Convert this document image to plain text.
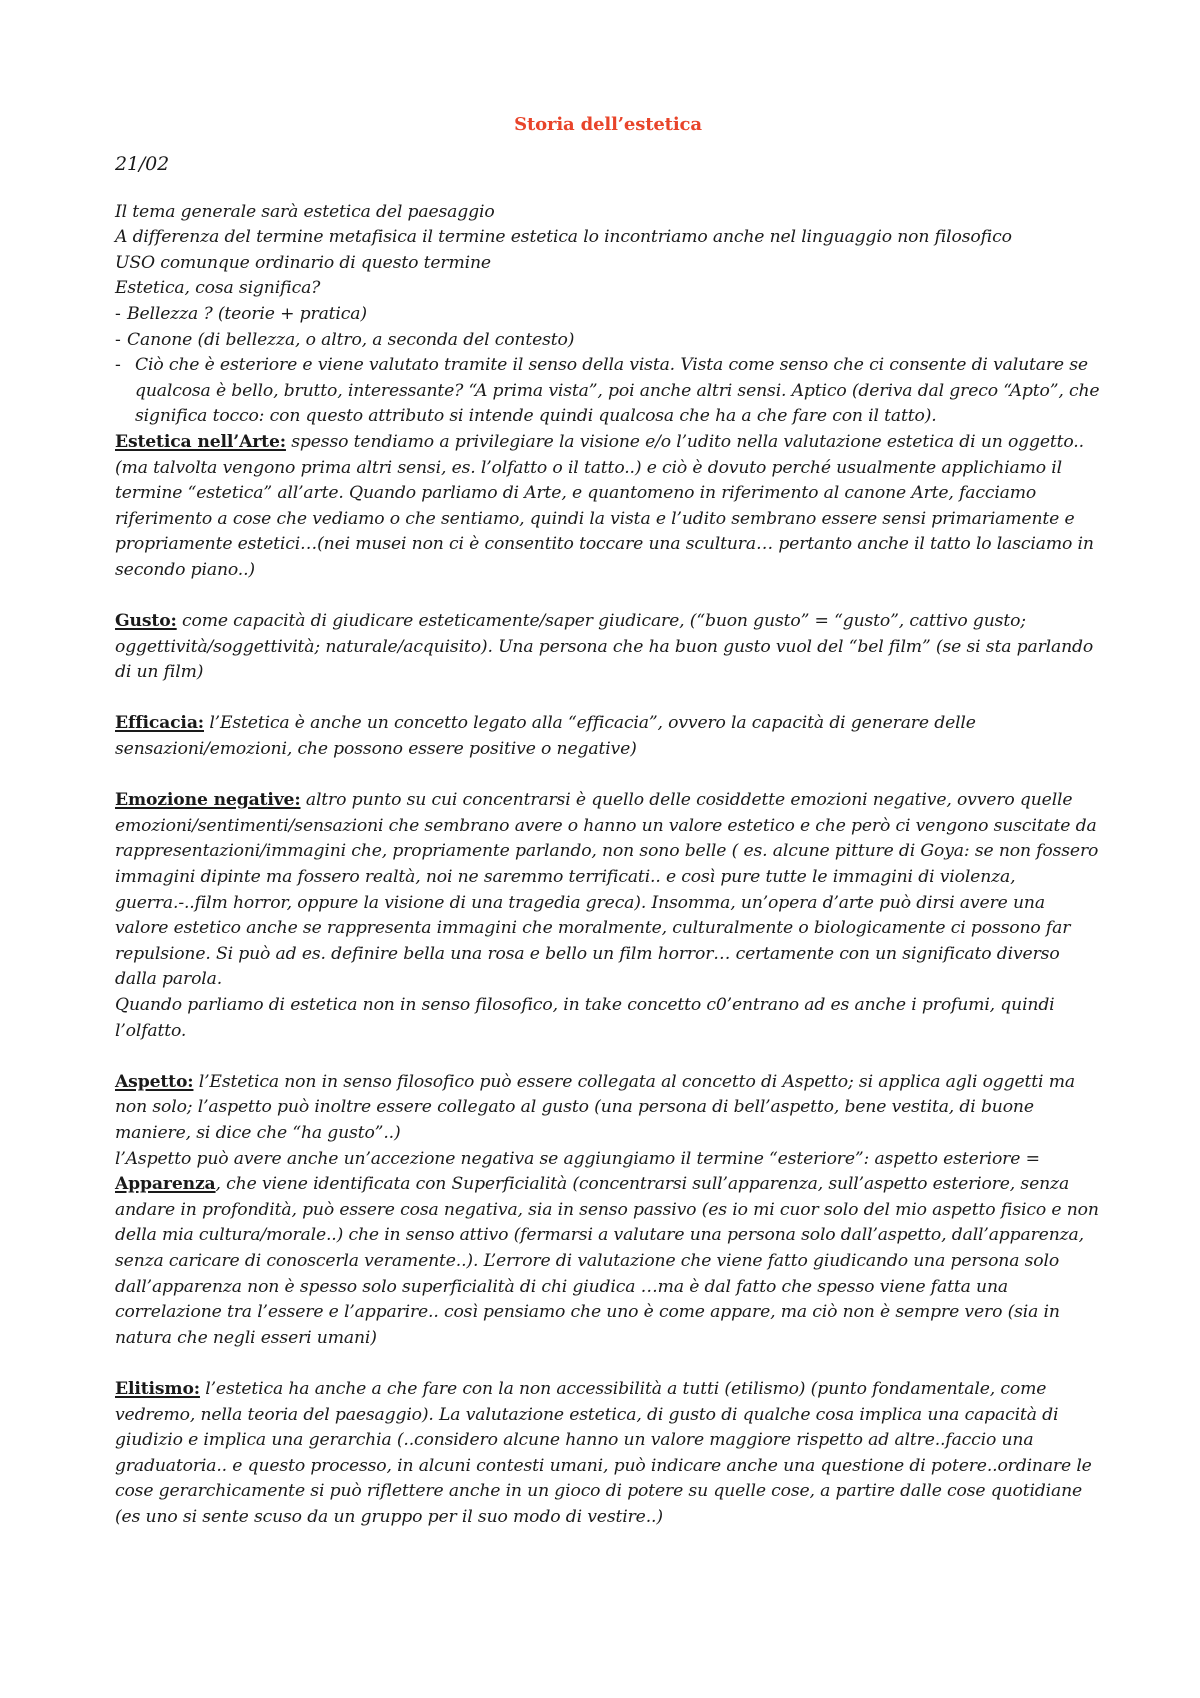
Storia dell’estetica
21/02
Il tema generale sarà estetica del paesaggio
A differenza del termine metafisica il termine estetica lo incontriamo anche nel linguaggio non filosofico
USO comunque ordinario di questo termine
Estetica, cosa significa?
- Bellezza ? (teorie + pratica)
- Canone (di bellezza, o altro, a seconda del contesto)
- Ciò che è esteriore e viene valutato tramite il senso della vista. Vista come senso che ci consente di valutare se qualcosa è bello, brutto, interessante? “A prima vista”, poi anche altri sensi. Aptico (deriva dal greco “Apto”, che significa tocco: con questo attributo si intende quindi qualcosa che ha a che fare con il tatto).

Estetica nell’Arte: spesso tendiamo a privilegiare la visione e/o l’udito nella valutazione estetica di un oggetto..(ma talvolta vengono prima altri sensi, es. l’olfatto o il tatto..) e ciò è dovuto perché usualmente applichiamo il termine “estetica” all’arte. Quando parliamo di Arte, e quantomeno in riferimento al canone Arte, facciamo riferimento a cose che vediamo o che sentiamo, quindi la vista e l’udito sembrano essere sensi primariamente e propriamente estetici…(nei musei non ci è consentito toccare una scultura… pertanto anche il tatto lo lasciamo in secondo piano..)

Gusto: come capacità di giudicare esteticamente/saper giudicare, (“buon gusto” = “gusto”, cattivo gusto; oggettività/soggettività; naturale/acquisito). Una persona che ha buon gusto vuol del “bel film” (se si sta parlando di un film)

Efficacia: l’Estetica è anche un concetto legato alla “efficacia”, ovvero la capacità di generare delle sensazioni/emozioni, che possono essere positive o negative)

Emozione negative: altro punto su cui concentrarsi è quello delle cosiddette emozioni negative, ovvero quelle emozioni/sentimenti/sensazioni che sembrano avere o hanno un valore estetico e che però ci vengono suscitate da rappresentazioni/immagini che, propriamente parlando, non sono belle ( es. alcune pitture di Goya: se non fossero immagini dipinte ma fossero realtà, noi ne saremmo terrificati.. e così pure tutte le immagini di violenza, guerra.-..film horror, oppure la visione di una tragedia greca). Insomma, un’opera d’arte può dirsi avere una valore estetico anche se rappresenta immagini che moralmente, culturalmente o biologicamente ci possono far repulsione. Si può ad es. definire bella una rosa e bello un film horror… certamente con un significato diverso dalla parola.

Quando parliamo di estetica non in senso filosofico, in take concetto c0’entrano ad es anche i profumi, quindi l’olfatto.

Aspetto: l’Estetica non in senso filosofico può essere collegata al concetto di Aspetto; si applica agli oggetti ma non solo; l’aspetto può inoltre essere collegato al gusto (una persona di bell’aspetto, bene vestita, di buone maniere, si dice che “ha gusto”..)

l’Aspetto può avere anche un’accezione negativa se aggiungiamo il termine “esteriore”: aspetto esteriore = Apparenza, che viene identificata con Superficialità (concentrarsi sull’apparenza, sull’aspetto esteriore, senza andare in profondità, può essere cosa negativa, sia in senso passivo (es io mi cuor solo del mio aspetto fisico e non della mia cultura/morale..) che in senso attivo (fermarsi a valutare una persona solo dall’aspetto, dall’apparenza, senza caricare di conoscerla veramente..). L’errore di valutazione che viene fatto giudicando una persona solo dall’apparenza non è spesso solo superficialità di chi giudica …ma è dal fatto che spesso viene fatta una correlazione tra l’essere e l’apparire.. così pensiamo che uno è come appare, ma ciò non è sempre vero (sia in natura che negli esseri umani)

Elitismo: l’estetica ha anche a che fare con la non accessibilità a tutti (etilismo) (punto fondamentale, come vedremo, nella teoria del paesaggio). La valutazione estetica, di gusto di qualche cosa implica una capacità di giudizio e implica una gerarchia (..considero alcune hanno un valore maggiore rispetto ad altre..faccio una graduatoria.. e questo processo, in alcuni contesti umani, può indicare anche una questione di potere..ordinare le cose gerarchicamente si può riflettere anche in un gioco di potere su quelle cose, a partire dalle cose quotidiane (es uno si sente scuso da un gruppo per il suo modo di vestire..)
